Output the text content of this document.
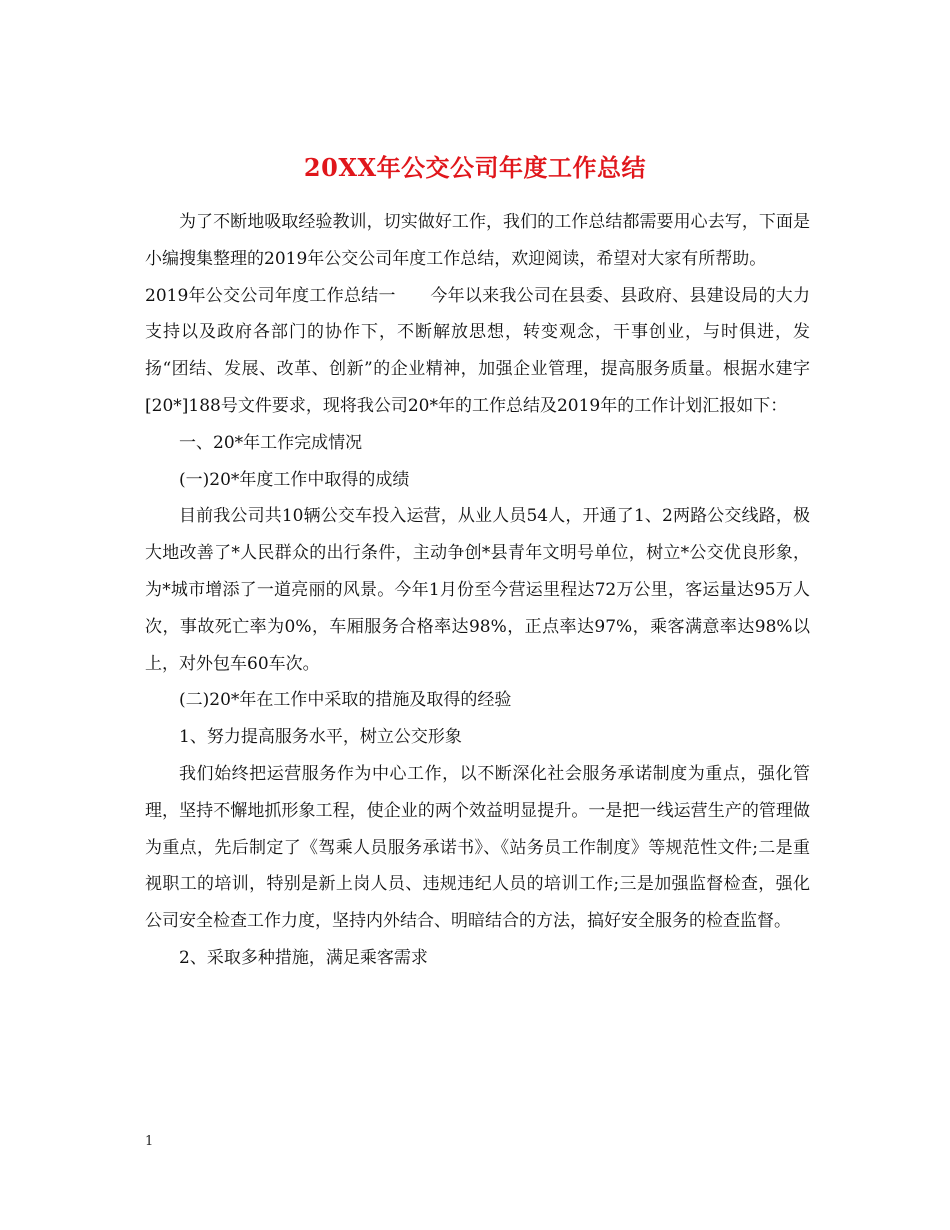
20XX年公交公司年度工作总结

为了不断地吸取经验教训，切实做好工作，我们的工作总结都需要用心去写，下面是小编搜集整理的2019年公交公司年度工作总结，欢迎阅读，希望对大家有所帮助。

2019年公交公司年度工作总结一　　今年以来我公司在县委、县政府、县建设局的大力支持以及政府各部门的协作下，不断解放思想，转变观念，干事创业，与时俱进，发扬“团结、发展、改革、创新”的企业精神，加强企业管理，提高服务质量。根据水建字[20*]188号文件要求，现将我公司20*年的工作总结及2019年的工作计划汇报如下：

一、20*年工作完成情况

(一)20*年度工作中取得的成绩

目前我公司共10辆公交车投入运营，从业人员54人，开通了1、2两路公交线路，极大地改善了*人民群众的出行条件，主动争创*县青年文明号单位，树立*公交优良形象，为*城市增添了一道亮丽的风景。今年1月份至今营运里程达72万公里，客运量达95万人次，事故死亡率为0%，车厢服务合格率达98%，正点率达97%，乘客满意率达98%以上，对外包车60车次。

(二)20*年在工作中采取的措施及取得的经验

1、努力提高服务水平，树立公交形象

我们始终把运营服务作为中心工作，以不断深化社会服务承诺制度为重点，强化管理，坚持不懈地抓形象工程，使企业的两个效益明显提升。一是把一线运营生产的管理做为重点，先后制定了《驾乘人员服务承诺书》、《站务员工作制度》等规范性文件;二是重视职工的培训，特别是新上岗人员、违规违纪人员的培训工作;三是加强监督检查，强化公司安全检查工作力度，坚持内外结合、明暗结合的方法，搞好安全服务的检查监督。

2、采取多种措施，满足乘客需求

1
